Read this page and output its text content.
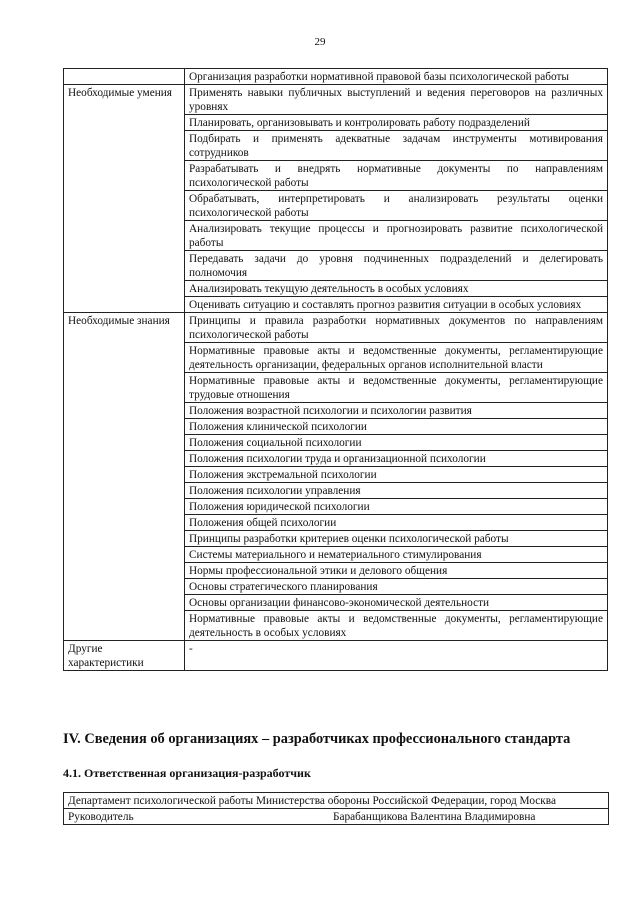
29
	Организация разработки нормативной правовой базы психологической работы
Необходимые умения	Применять навыки публичных выступлений и ведения переговоров на различных уровнях
	Планировать, организовывать и контролировать работу подразделений
	Подбирать и применять адекватные задачам инструменты мотивирования сотрудников
	Разрабатывать и внедрять нормативные документы по направлениям психологической работы
	Обрабатывать, интерпретировать и анализировать результаты оценки психологической работы
	Анализировать текущие процессы и прогнозировать развитие психологической работы
	Передавать задачи до уровня подчиненных подразделений и делегировать полномочия
	Анализировать текущую деятельность в особых условиях
	Оценивать ситуацию и составлять прогноз развития ситуации в особых условиях
Необходимые знания	Принципы и правила разработки нормативных документов по направлениям психологической работы
	Нормативные правовые акты и ведомственные документы, регламентирующие деятельность организации, федеральных органов исполнительной власти
	Нормативные правовые акты и ведомственные документы, регламентирующие трудовые отношения
	Положения возрастной психологии и психологии развития
	Положения клинической психологии
	Положения социальной психологии
	Положения психологии труда и организационной психологии
	Положения экстремальной психологии
	Положения психологии управления
	Положения юридической психологии
	Положения общей психологии
	Принципы разработки критериев оценки психологической работы
	Системы материального и нематериального стимулирования
	Нормы профессиональной этики и делового общения
	Основы стратегического планирования
	Основы организации финансово-экономической деятельности
	Нормативные правовые акты и ведомственные документы, регламентирующие деятельность в особых условиях
Другие характеристики	-
IV. Сведения об организациях – разработчиках профессионального стандарта
4.1. Ответственная организация-разработчик
Департамент психологической работы Министерства обороны Российской Федерации, город Москва
Руководитель	Барабанщикова Валентина Владимировна
